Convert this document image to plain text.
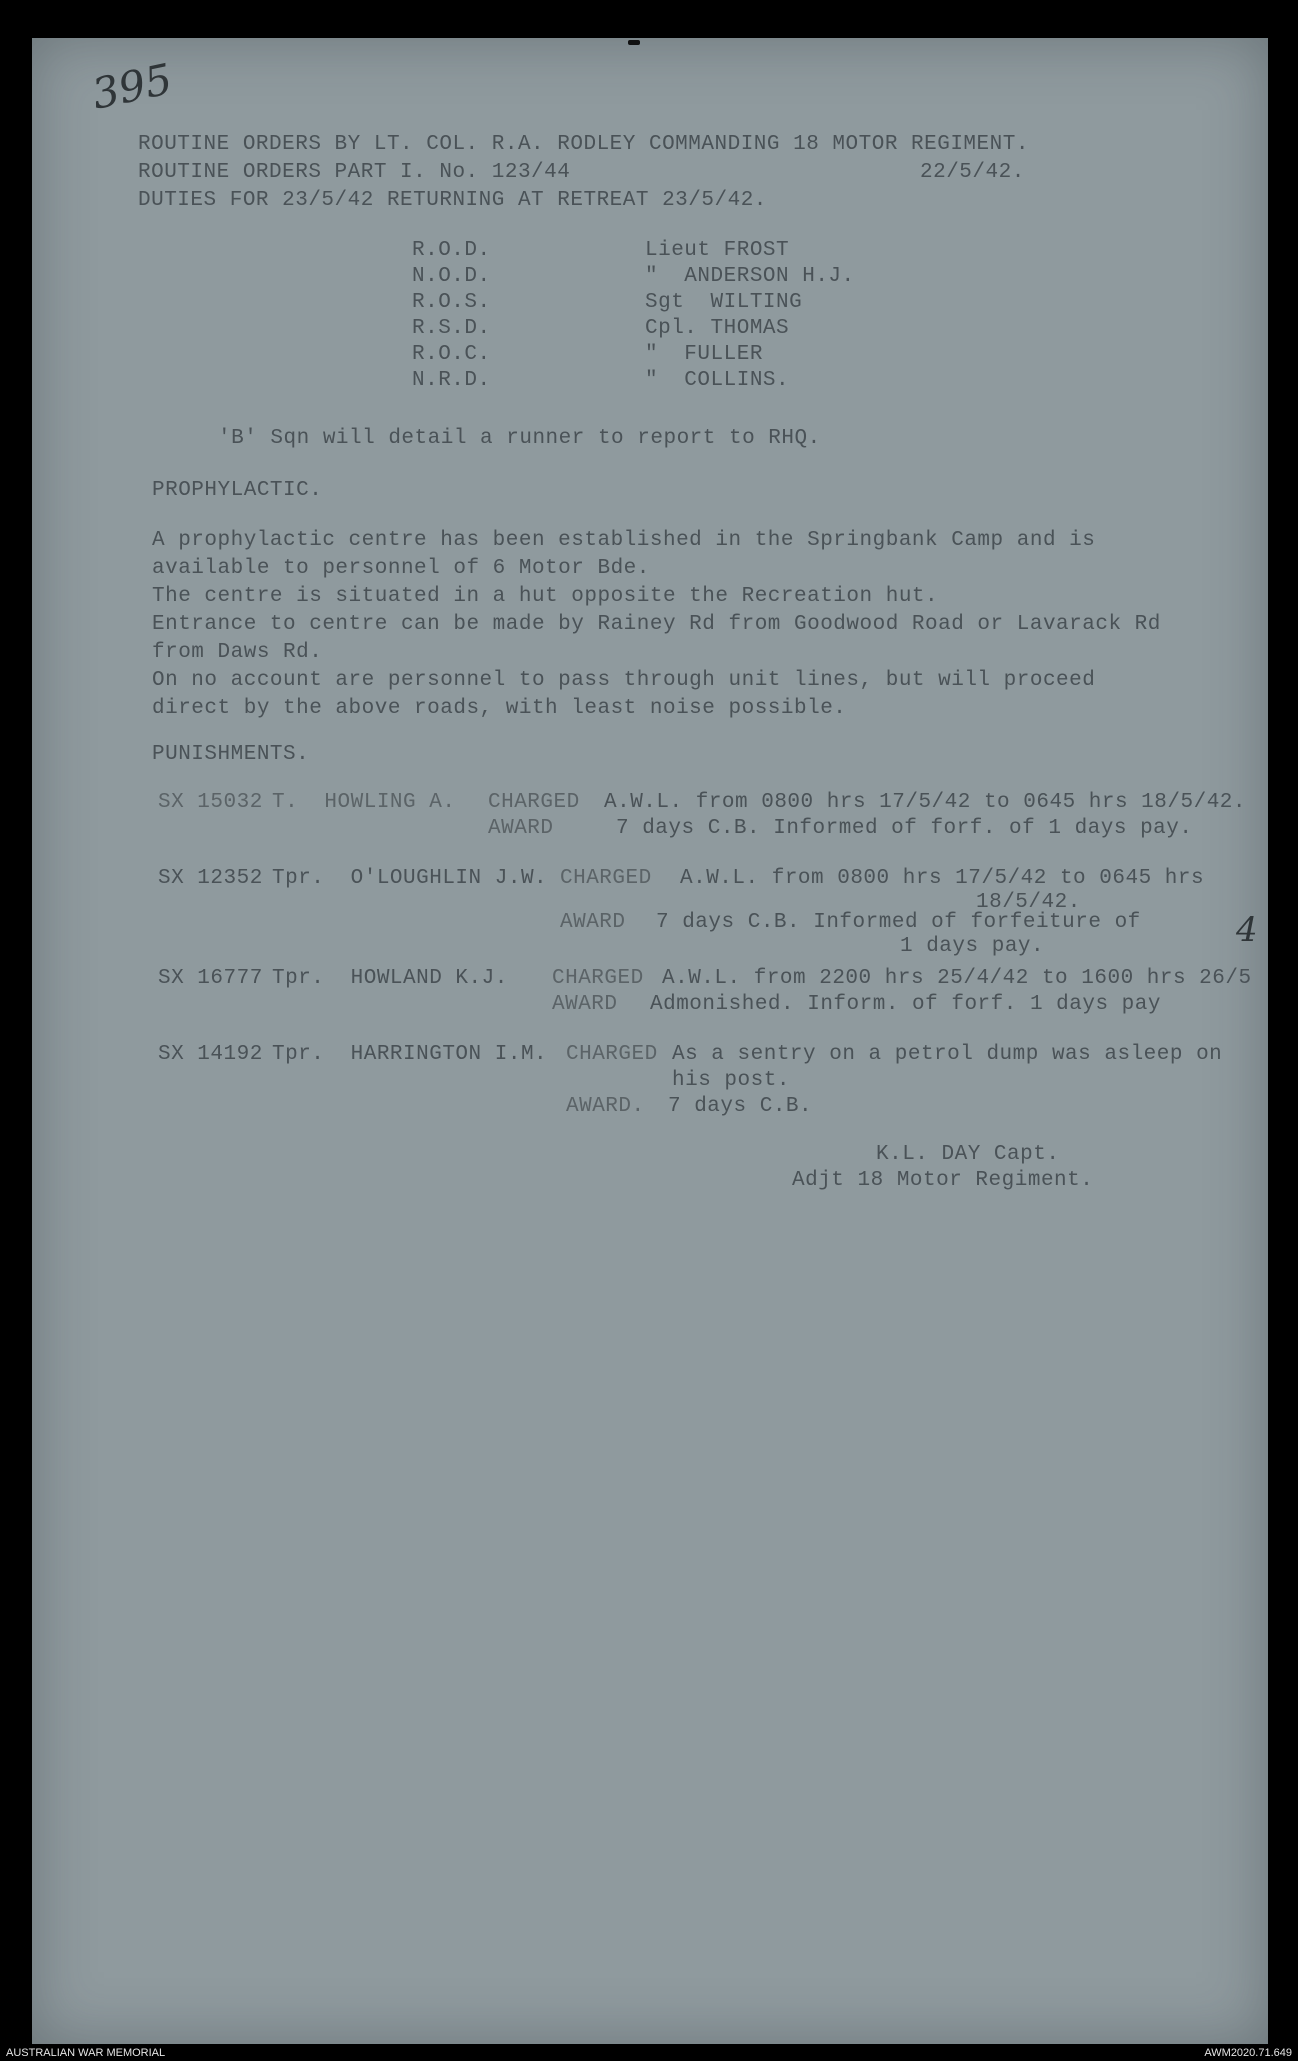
395
4

ROUTINE ORDERS BY LT. COL. R.A. RODLEY COMMANDING 18 MOTOR REGIMENT.

ROUTINE ORDERS PART I. No. 123/44	22/5/42.

DUTIES FOR 23/5/42 RETURNING AT RETREAT 23/5/42.

R.O.D.	Lieut FROST

N.O.D.	"  ANDERSON H.J.

R.O.S.	Sgt  WILTING

R.S.D.	Cpl. THOMAS

R.O.C.	"  FULLER

N.R.D.	"  COLLINS.

'B' Sqn will detail a runner to report to RHQ.

PROPHYLACTIC.

A prophylactic centre has been established in the Springbank Camp and is

available to personnel of 6 Motor Bde.

The centre is situated in a hut opposite the Recreation hut.

Entrance to centre can be made by Rainey Rd from Goodwood Road or Lavarack Rd

from Daws Rd.

On no account are personnel to pass through unit lines, but will proceed

direct by the above roads, with least noise possible.

PUNISHMENTS.

SX 15032 T.  HOWLING A. CHARGED A.W.L. from 0800 hrs 17/5/42 to 0645 hrs 18/5/42.

AWARD	7 days C.B. Informed of forf. of 1 days pay.

SX 12352 Tpr.  O'LOUGHLIN J.W. CHARGED A.W.L. from 0800 hrs 17/5/42 to 0645 hrs

18/5/42.

AWARD 7 days C.B. Informed of forfeiture of

1 days pay.

SX 16777 Tpr.  HOWLAND K.J. CHARGED A.W.L. from 2200 hrs 25/4/42 to 1600 hrs 26/5

AWARD Admonished. Inform. of forf. 1 days pay

SX 14192 Tpr.  HARRINGTON I.M. CHARGED As a sentry on a petrol dump was asleep on

his post.

AWARD. 7 days C.B.

K.L. DAY Capt.

Adjt 18 Motor Regiment.

AUSTRALIAN WAR MEMORIAL	AWM2020.71.649
